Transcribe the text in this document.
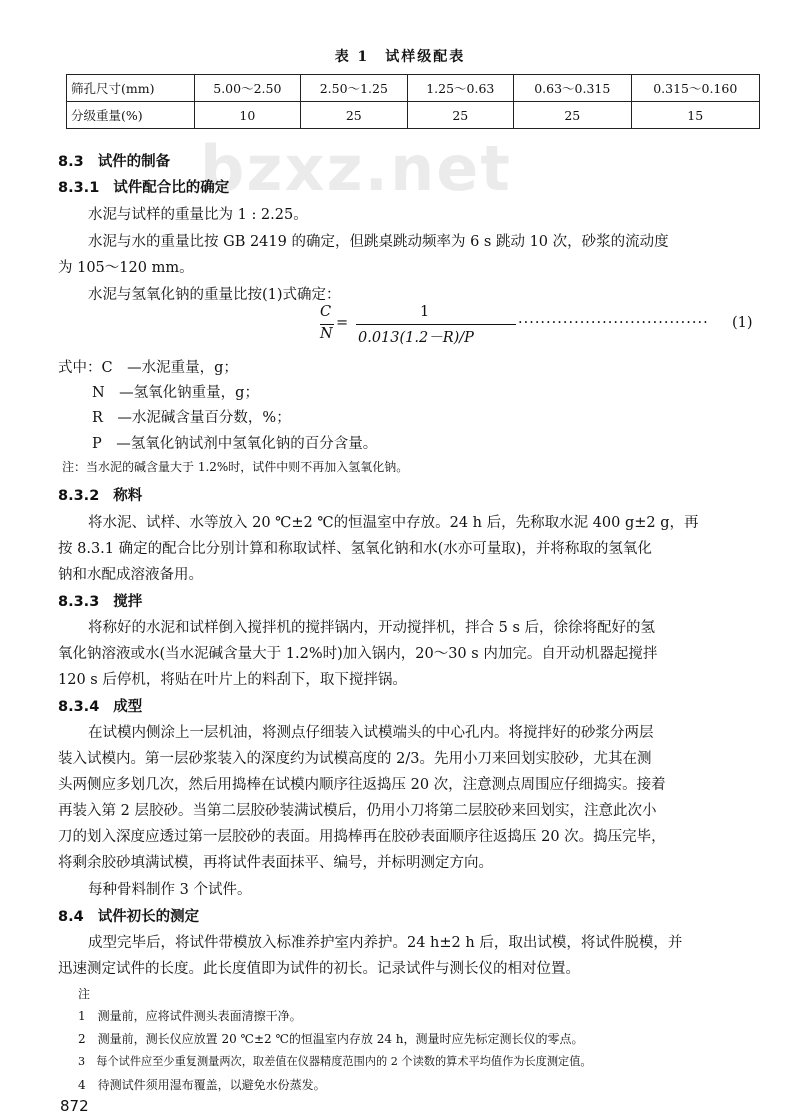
bzxz.net
表 1　试样级配表
筛孔尺寸(mm)	5.00～2.50	2.50～1.25	1.25～0.63	0.63～0.315	0.315～0.160
分级重量(%)	10	25	25	25	15
8.3 试件的制备
8.3.1 试件配合比的确定
水泥与试样的重量比为 1 : 2.25。
水泥与水的重量比按 GB 2419 的确定，但跳桌跳动频率为 6 s 跳动 10 次，砂浆的流动度
为 105～120 mm。
水泥与氢氧化钠的重量比按(1)式确定：
C
N
=
1
0.013(1.2－R)/P
·································· (1)
式中：C　—水泥重量，g；
N　—氢氧化钠重量，g；
R　—水泥碱含量百分数，%；
P　—氢氧化钠试剂中氢氧化钠的百分含量。
注：当水泥的碱含量大于 1.2%时，试件中则不再加入氢氧化钠。
8.3.2 称料
将水泥、试样、水等放入 20 ℃±2 ℃的恒温室中存放。24 h 后，先称取水泥 400 g±2 g，再
按 8.3.1 确定的配合比分别计算和称取试样、氢氧化钠和水(水亦可量取)，并将称取的氢氧化
钠和水配成溶液备用。
8.3.3 搅拌
将称好的水泥和试样倒入搅拌机的搅拌锅内，开动搅拌机，拌合 5 s 后，徐徐将配好的氢
氧化钠溶液或水(当水泥碱含量大于 1.2%时)加入锅内，20～30 s 内加完。自开动机器起搅拌
120 s 后停机，将贴在叶片上的料刮下，取下搅拌锅。
8.3.4 成型
在试模内侧涂上一层机油，将测点仔细装入试模端头的中心孔内。将搅拌好的砂浆分两层
装入试模内。第一层砂浆装入的深度约为试模高度的 2/3。先用小刀来回划实胶砂，尤其在测
头两侧应多划几次，然后用捣棒在试模内顺序往返捣压 20 次，注意测点周围应仔细捣实。接着
再装入第 2 层胶砂。当第二层胶砂装满试模后，仍用小刀将第二层胶砂来回划实，注意此次小
刀的划入深度应透过第一层胶砂的表面。用捣棒再在胶砂表面顺序往返捣压 20 次。捣压完毕，
将剩余胶砂填满试模，再将试件表面抹平、编号，并标明测定方向。
每种骨料制作 3 个试件。
8.4 试件初长的测定
成型完毕后，将试件带模放入标准养护室内养护。24 h±2 h 后，取出试模，将试件脱模，并
迅速测定试件的长度。此长度值即为试件的初长。记录试件与测长仪的相对位置。
注
1　测量前，应将试件测头表面清擦干净。
2　测量前，测长仪应放置 20 ℃±2 ℃的恒温室内存放 24 h，测量时应先标定测长仪的零点。
3　每个试件应至少重复测量两次，取差值在仪器精度范围内的 2 个读数的算术平均值作为长度测定值。
4　待测试件须用湿布覆盖，以避免水份蒸发。
872
